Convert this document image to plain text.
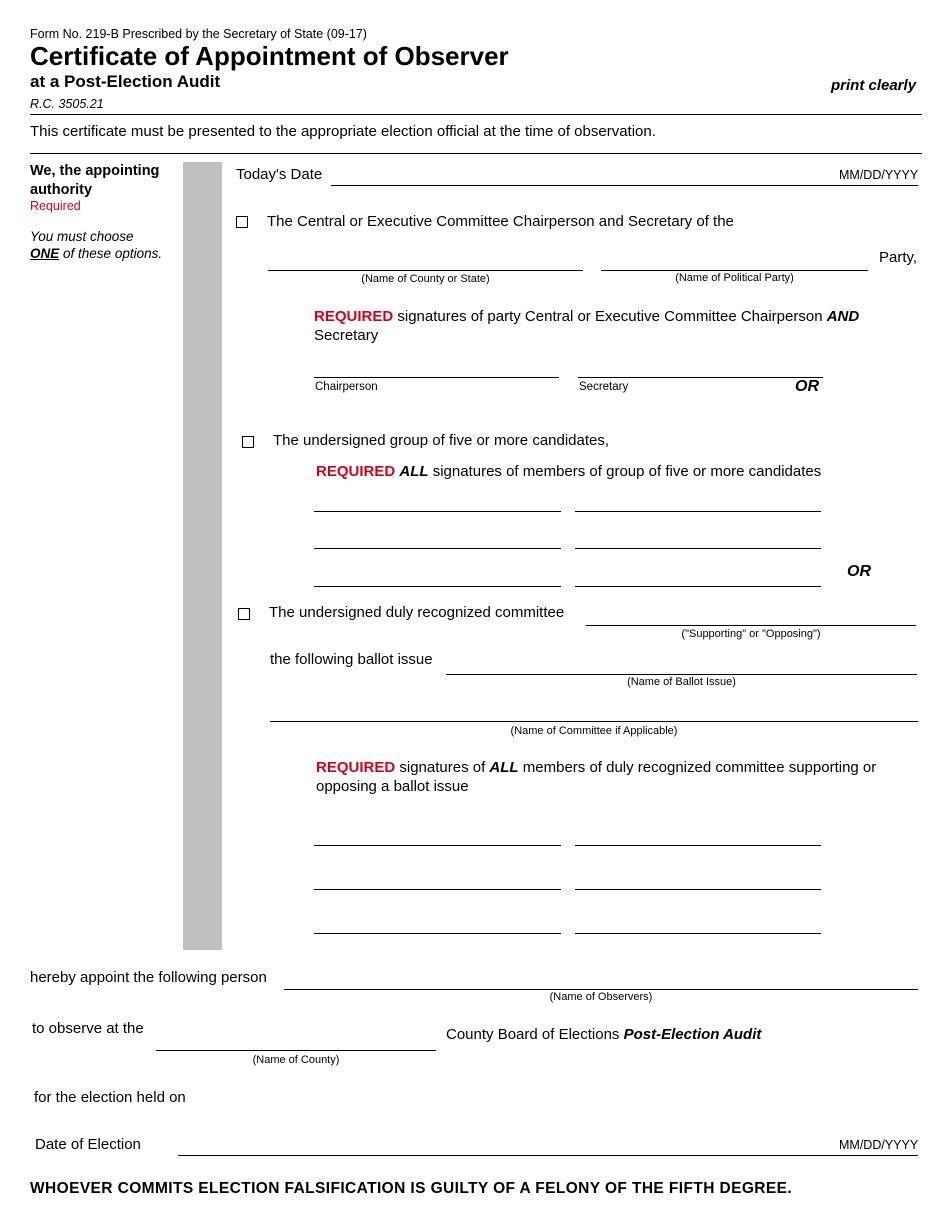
Form No. 219-B Prescribed by the Secretary of State (09-17)
Certificate of Appointment of Observer
at a Post-Election Audit	print clearly
R.C. 3505.21
This certificate must be presented to the appropriate election official at the time of observation.
We, the appointing authority
Required
You must choose
ONE of these options.
Today's Date	MM/DD/YYYY
The Central or Executive Committee Chairperson and Secretary of the
Party,
(Name of County or State)	(Name of Political Party)
REQUIRED signatures of party Central or Executive Committee Chairperson AND Secretary
Chairperson	Secretary	OR
The undersigned group of five or more candidates,
REQUIRED ALL signatures of members of group of five or more candidates
OR
The undersigned duly recognized committee
("Supporting" or "Opposing")
the following ballot issue
(Name of Ballot Issue)
(Name of Committee if Applicable)
REQUIRED signatures of ALL members of duly recognized committee supporting or
opposing a ballot issue
hereby appoint the following person
(Name of Observers)
to observe at the
(Name of County)
County Board of Elections Post-Election Audit
for the election held on
Date of Election	MM/DD/YYYY
WHOEVER COMMITS ELECTION FALSIFICATION IS GUILTY OF A FELONY OF THE FIFTH DEGREE.
